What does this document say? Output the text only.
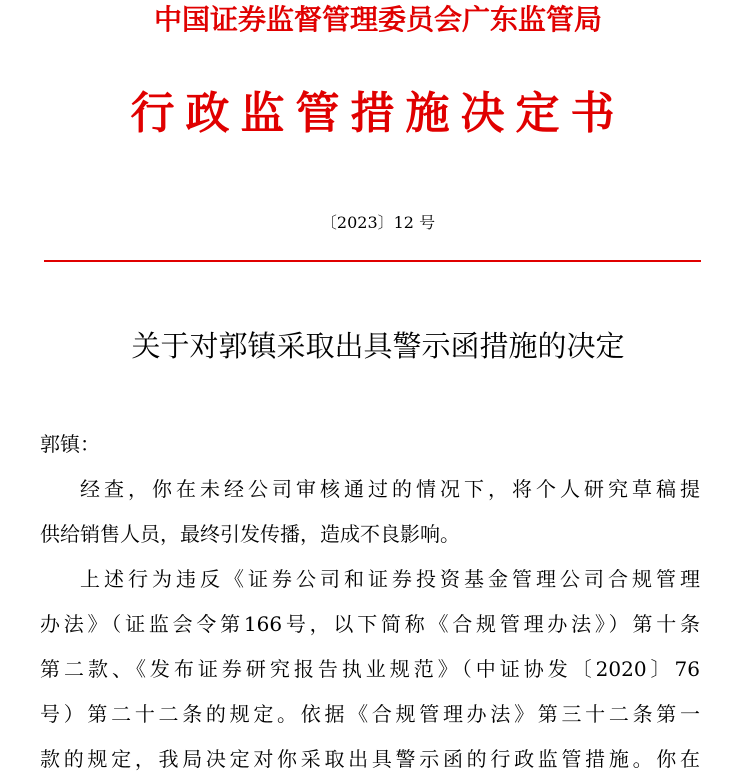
中国证券监督管理委员会广东监管局
行政监管措施决定书
〔2023〕12 号
关于对郭镇采取出具警示函措施的决定
郭镇：
经查，你在未经公司审核通过的情况下，将个人研究草稿提
供给销售人员，最终引发传播，造成不良影响。
上述行为违反《证券公司和证券投资基金管理公司合规管理
办法》（证监会令第166号，以下简称《合规管理办法》）第十条
第二款、《发布证券研究报告执业规范》（中证协发〔2020〕76
号）第二十二条的规定。依据《合规管理办法》第三十二条第一
款的规定，我局决定对你采取出具警示函的行政监管措施。你在
